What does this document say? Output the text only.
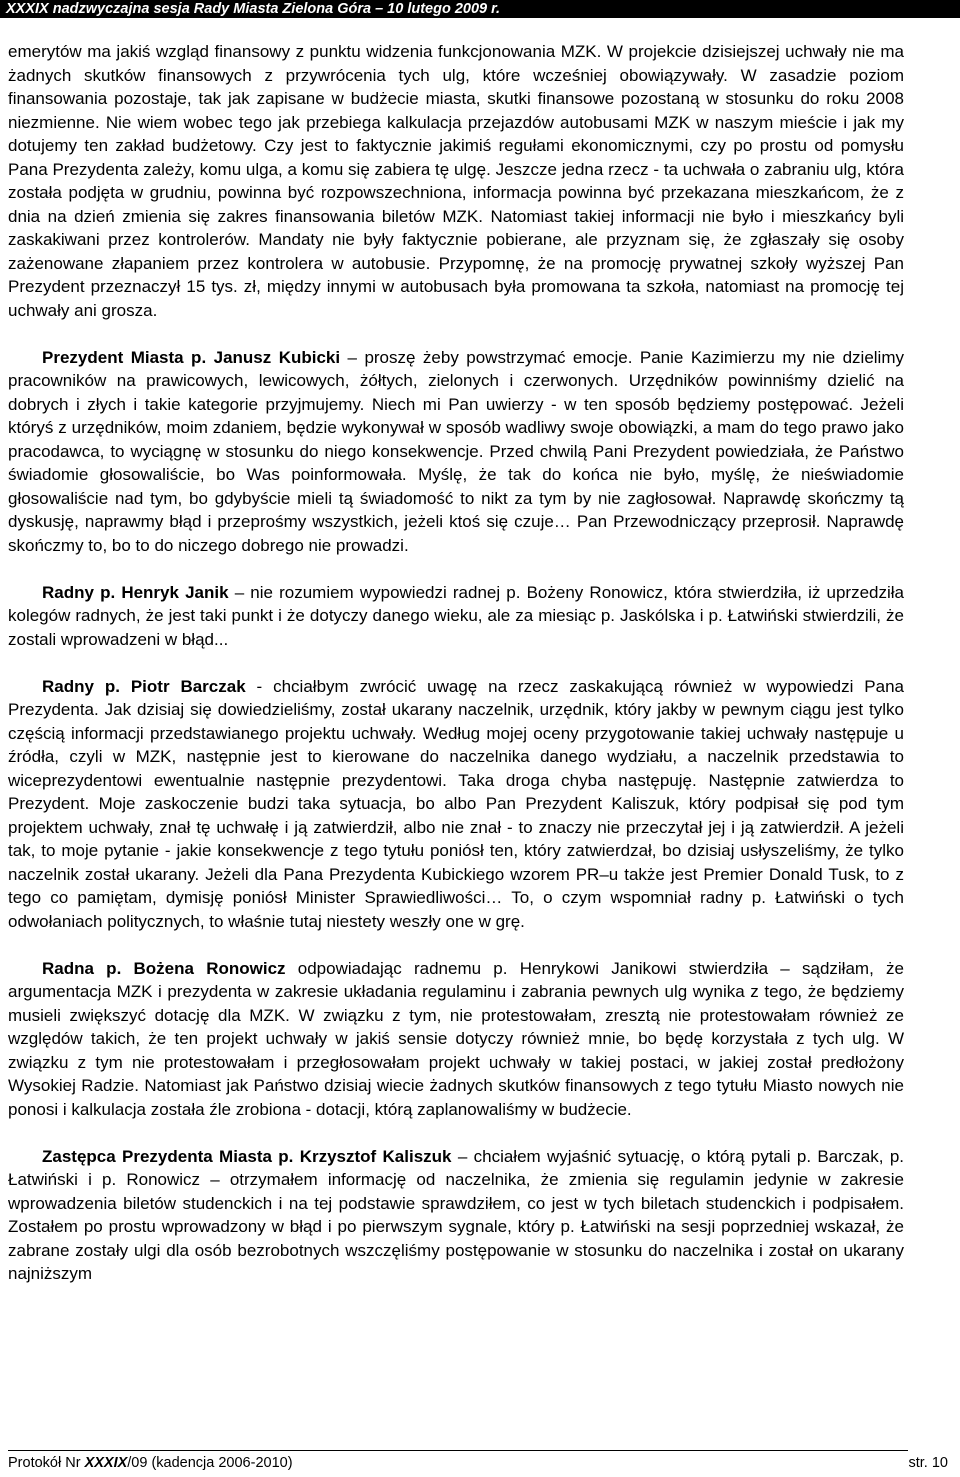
XXXIX nadzwyczajna sesja Rady Miasta Zielona Góra – 10 lutego 2009 r.

emerytów ma jakiś wzgląd finansowy z punktu widzenia funkcjonowania MZK. W projekcie dzisiejszej uchwały nie ma żadnych skutków finansowych z przywrócenia tych ulg, które wcześniej obowiązywały. W zasadzie poziom finansowania pozostaje, tak jak zapisane w budżecie miasta, skutki finansowe pozostaną w stosunku do roku 2008 niezmienne. Nie wiem wobec tego jak przebiega kalkulacja przejazdów autobusami MZK w naszym mieście i jak my dotujemy ten zakład budżetowy. Czy jest to faktycznie jakimiś regułami ekonomicznymi, czy po prostu od pomysłu Pana Prezydenta zależy, komu ulga, a komu się zabiera tę ulgę. Jeszcze jedna rzecz - ta uchwała o zabraniu ulg, która została podjęta w grudniu, powinna być rozpowszechniona, informacja powinna być przekazana mieszkańcom, że z dnia na dzień zmienia się zakres finansowania biletów MZK. Natomiast takiej informacji nie było i mieszkańcy byli zaskakiwani przez kontrolerów. Mandaty nie były faktycznie pobierane, ale przyznam się, że zgłaszały się osoby zażenowane złapaniem przez kontrolera w autobusie. Przypomnę, że na promocję prywatnej szkoły wyższej Pan Prezydent przeznaczył 15 tys. zł, między innymi w autobusach była promowana ta szkoła, natomiast na promocję tej uchwały ani grosza.

Prezydent Miasta p. Janusz Kubicki – proszę żeby powstrzymać emocje. Panie Kazimierzu my nie dzielimy pracowników na prawicowych, lewicowych, żółtych, zielonych i czerwonych. Urzędników powinniśmy dzielić na dobrych i złych i takie kategorie przyjmujemy. Niech mi Pan uwierzy - w ten sposób będziemy postępować. Jeżeli któryś z urzędników, moim zdaniem, będzie wykonywał w sposób wadliwy swoje obowiązki, a mam do tego prawo jako pracodawca, to wyciągnę w stosunku do niego konsekwencje. Przed chwilą Pani Prezydent powiedziała, że Państwo świadomie głosowaliście, bo Was poinformowała. Myślę, że tak do końca nie było, myślę, że nieświadomie głosowaliście nad tym, bo gdybyście mieli tą świadomość to nikt za tym by nie zagłosował. Naprawdę skończmy tą dyskusję, naprawmy błąd i przeprośmy wszystkich, jeżeli ktoś się czuje… Pan Przewodniczący przeprosił. Naprawdę skończmy to, bo to do niczego dobrego nie prowadzi.

Radny p. Henryk Janik – nie rozumiem wypowiedzi radnej p. Bożeny Ronowicz, która stwierdziła, iż uprzedziła kolegów radnych, że jest taki punkt i że dotyczy danego wieku, ale za miesiąc p. Jaskólska i p. Łatwiński stwierdzili, że zostali wprowadzeni w błąd...

Radny p. Piotr Barczak - chciałbym zwrócić uwagę na rzecz zaskakującą również w wypowiedzi Pana Prezydenta. Jak dzisiaj się dowiedzieliśmy, został ukarany naczelnik, urzędnik, który jakby w pewnym ciągu jest tylko częścią informacji przedstawianego projektu uchwały. Według mojej oceny przygotowanie takiej uchwały następuje u źródła, czyli w MZK, następnie jest to kierowane do naczelnika danego wydziału, a naczelnik przedstawia to wiceprezydentowi ewentualnie następnie prezydentowi. Taka droga chyba następuję. Następnie zatwierdza to Prezydent. Moje zaskoczenie budzi taka sytuacja, bo albo Pan Prezydent Kaliszuk, który podpisał się pod tym projektem uchwały, znał tę uchwałę i ją zatwierdził, albo nie znał - to znaczy nie przeczytał jej i ją zatwierdził. A jeżeli tak, to moje pytanie - jakie konsekwencje z tego tytułu poniósł ten, który zatwierdzał, bo dzisiaj usłyszeliśmy, że tylko naczelnik został ukarany. Jeżeli dla Pana Prezydenta Kubickiego wzorem PR–u także jest Premier Donald Tusk, to z tego co pamiętam, dymisję poniósł Minister Sprawiedliwości… To, o czym wspomniał radny p. Łatwiński o tych odwołaniach politycznych, to właśnie tutaj niestety weszły one w grę.

Radna p. Bożena Ronowicz odpowiadając radnemu p. Henrykowi Janikowi stwierdziła – sądziłam, że argumentacja MZK i prezydenta w zakresie układania regulaminu i zabrania pewnych ulg wynika z tego, że będziemy musieli zwiększyć dotację dla MZK. W związku z tym, nie protestowałam, zresztą nie protestowałam również ze względów takich, że ten projekt uchwały w jakiś sensie dotyczy również mnie, bo będę korzystała z tych ulg. W związku z tym nie protestowałam i przegłosowałam projekt uchwały w takiej postaci, w jakiej został predłożony Wysokiej Radzie. Natomiast jak Państwo dzisiaj wiecie żadnych skutków finansowych z tego tytułu Miasto nowych nie ponosi i kalkulacja została źle zrobiona - dotacji, którą zaplanowaliśmy w budżecie.

Zastępca Prezydenta Miasta p. Krzysztof Kaliszuk – chciałem wyjaśnić sytuację, o którą pytali p. Barczak, p. Łatwiński i p. Ronowicz – otrzymałem informację od naczelnika, że zmienia się regulamin jedynie w zakresie wprowadzenia biletów studenckich i na tej podstawie sprawdziłem, co jest w tych biletach studenckich i podpisałem. Zostałem po prostu wprowadzony w błąd i po pierwszym sygnale, który p. Łatwiński na sesji poprzedniej wskazał, że zabrane zostały ulgi dla osób bezrobotnych wszczęliśmy postępowanie w stosunku do naczelnika i został on ukarany najniższym

Protokół Nr XXXIX/09 (kadencja 2006-2010)	str. 10
